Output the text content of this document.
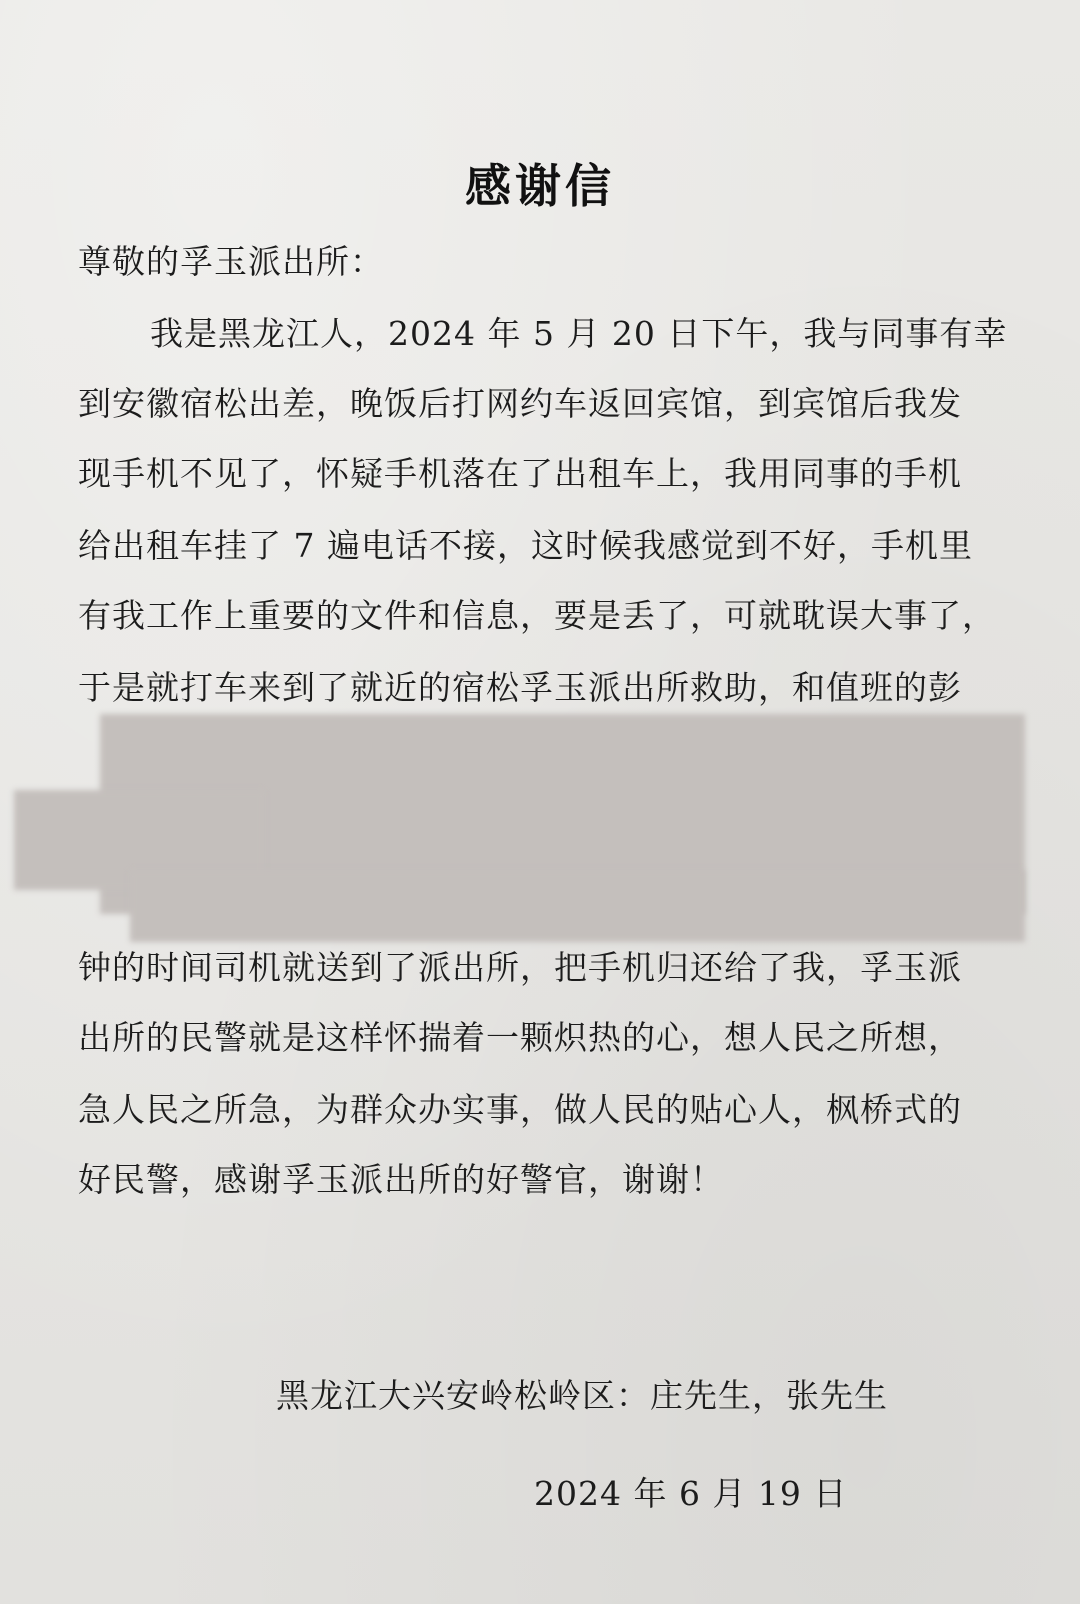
感谢信
尊敬的孚玉派出所：
我是黑龙江人，2024 年 5 月 20 日下午，我与同事有幸
到安徽宿松出差，晚饭后打网约车返回宾馆，到宾馆后我发
现手机不见了，怀疑手机落在了出租车上，我用同事的手机
给出租车挂了 7 遍电话不接，这时候我感觉到不好，手机里
有我工作上重要的文件和信息，要是丢了，可就耽误大事了，
于是就打车来到了就近的宿松孚玉派出所救助，和值班的彭
钟的时间司机就送到了派出所，把手机归还给了我，孚玉派
出所的民警就是这样怀揣着一颗炽热的心，想人民之所想，
急人民之所急，为群众办实事，做人民的贴心人，枫桥式的
好民警，感谢孚玉派出所的好警官，谢谢！
黑龙江大兴安岭松岭区：庄先生，张先生
2024 年 6 月 19 日
